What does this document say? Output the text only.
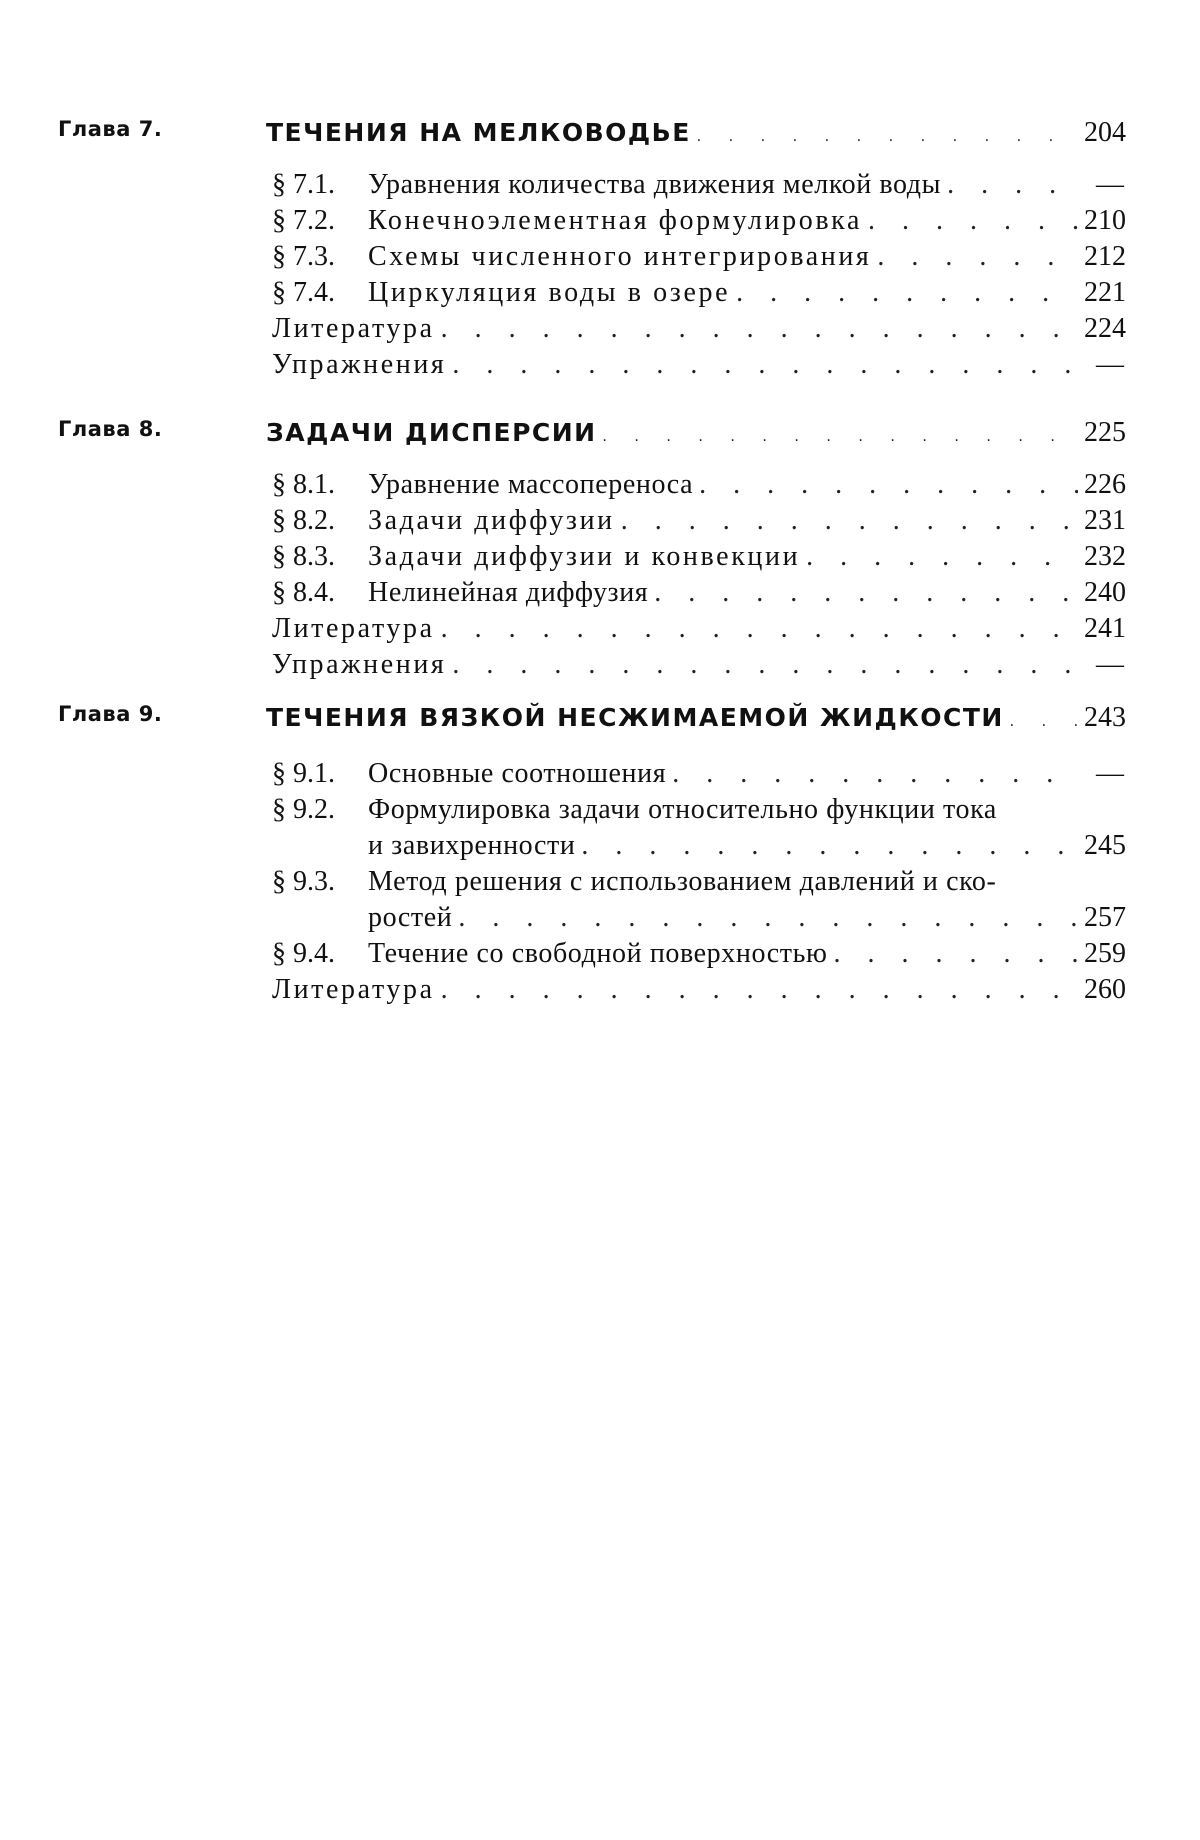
Глава 7.	ТЕЧЕНИЯ НА МЕЛКОВОДЬЕ . . .	204
§ 7.1.	Уравнения количества движения мелкой воды . . .	—
§ 7.2.	Конечноэлементная формулировка . . .	210
§ 7.3.	Схемы численного интегрирования . . .	212
§ 7.4.	Циркуляция воды в озере . . .	221
Литература . . .	224
Упражнения . . .	—
Глава 8.	ЗАДАЧИ ДИСПЕРСИИ . . .	225
§ 8.1.	Уравнение массопереноса . . .	226
§ 8.2.	Задачи диффузии . . .	231
§ 8.3.	Задачи диффузии и конвекции . . .	232
§ 8.4.	Нелинейная диффузия . . .	240
Литература . . .	241
Упражнения . . .	—
Глава 9.	ТЕЧЕНИЯ ВЯЗКОЙ НЕСЖИМАЕМОЙ ЖИДКОСТИ . . .	243
§ 9.1.	Основные соотношения . . .	—
§ 9.2.	Формулировка задачи относительно функции тока
и завихренности . . .	245
§ 9.3.	Метод решения с использованием давлений и ско-
ростей . . .	257
§ 9.4.	Течение со свободной поверхностью . . .	259
Литература . . .	260
